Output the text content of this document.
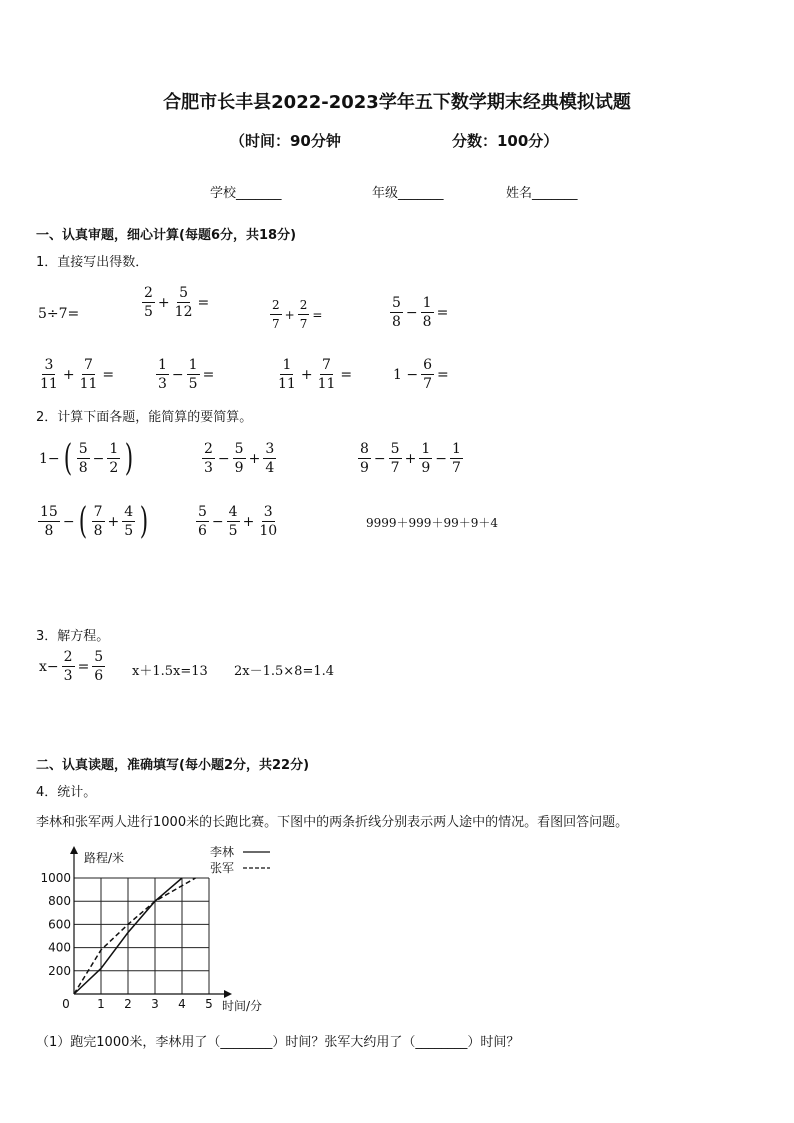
合肥市长丰县2022-2023学年五下数学期末经典模拟试题
（时间：90分钟	分数：100分）
学校_______	年级_______	姓名_______
一、认真审题，细心计算(每题6分，共18分)
1．直接写出得数．
5÷7=	$\frac{2}{5} + \frac{5}{12}$ =	$\frac{2}{7} + \frac{2}{7}$ =	$\frac{5}{8} - \frac{1}{8}$ =
$\frac{3}{11} + \frac{7}{11}$ =	$\frac{1}{3} - \frac{1}{5}$ =	$\frac{1}{11} + \frac{7}{11}$ =	$1 - \frac{6}{7}$ =
2．计算下面各题，能简算的要简算。
1− ( $\frac{5}{8} - \frac{1}{2}$ )	$\frac{2}{3} - \frac{5}{9} + \frac{3}{4}$	$\frac{8}{9} - \frac{5}{7} + \frac{1}{9} - \frac{1}{7}$
$\frac{15}{8}$ − ( $\frac{7}{8} + \frac{4}{5}$ )	$\frac{5}{6} - \frac{4}{5} + \frac{3}{10}$	9999＋999＋99＋9＋4
3．解方程。
$x- \frac{2}{3} = \frac{5}{6} x+1.5x=13$ 2x－1.5×8=1.4
二、认真读题，准确填写(每小题2分，共22分)
4．统计。
李林和张军两人进行1000米的长跑比赛。下图中的两条折线分别表示两人途中的情况。看图回答问题。
0 1 2 3 4 5
200
400
600
800
1000
路程/米
时间/分
李林
张军
（1）跑完1000米，李林用了（________）时间？张军大约用了（________）时间？
